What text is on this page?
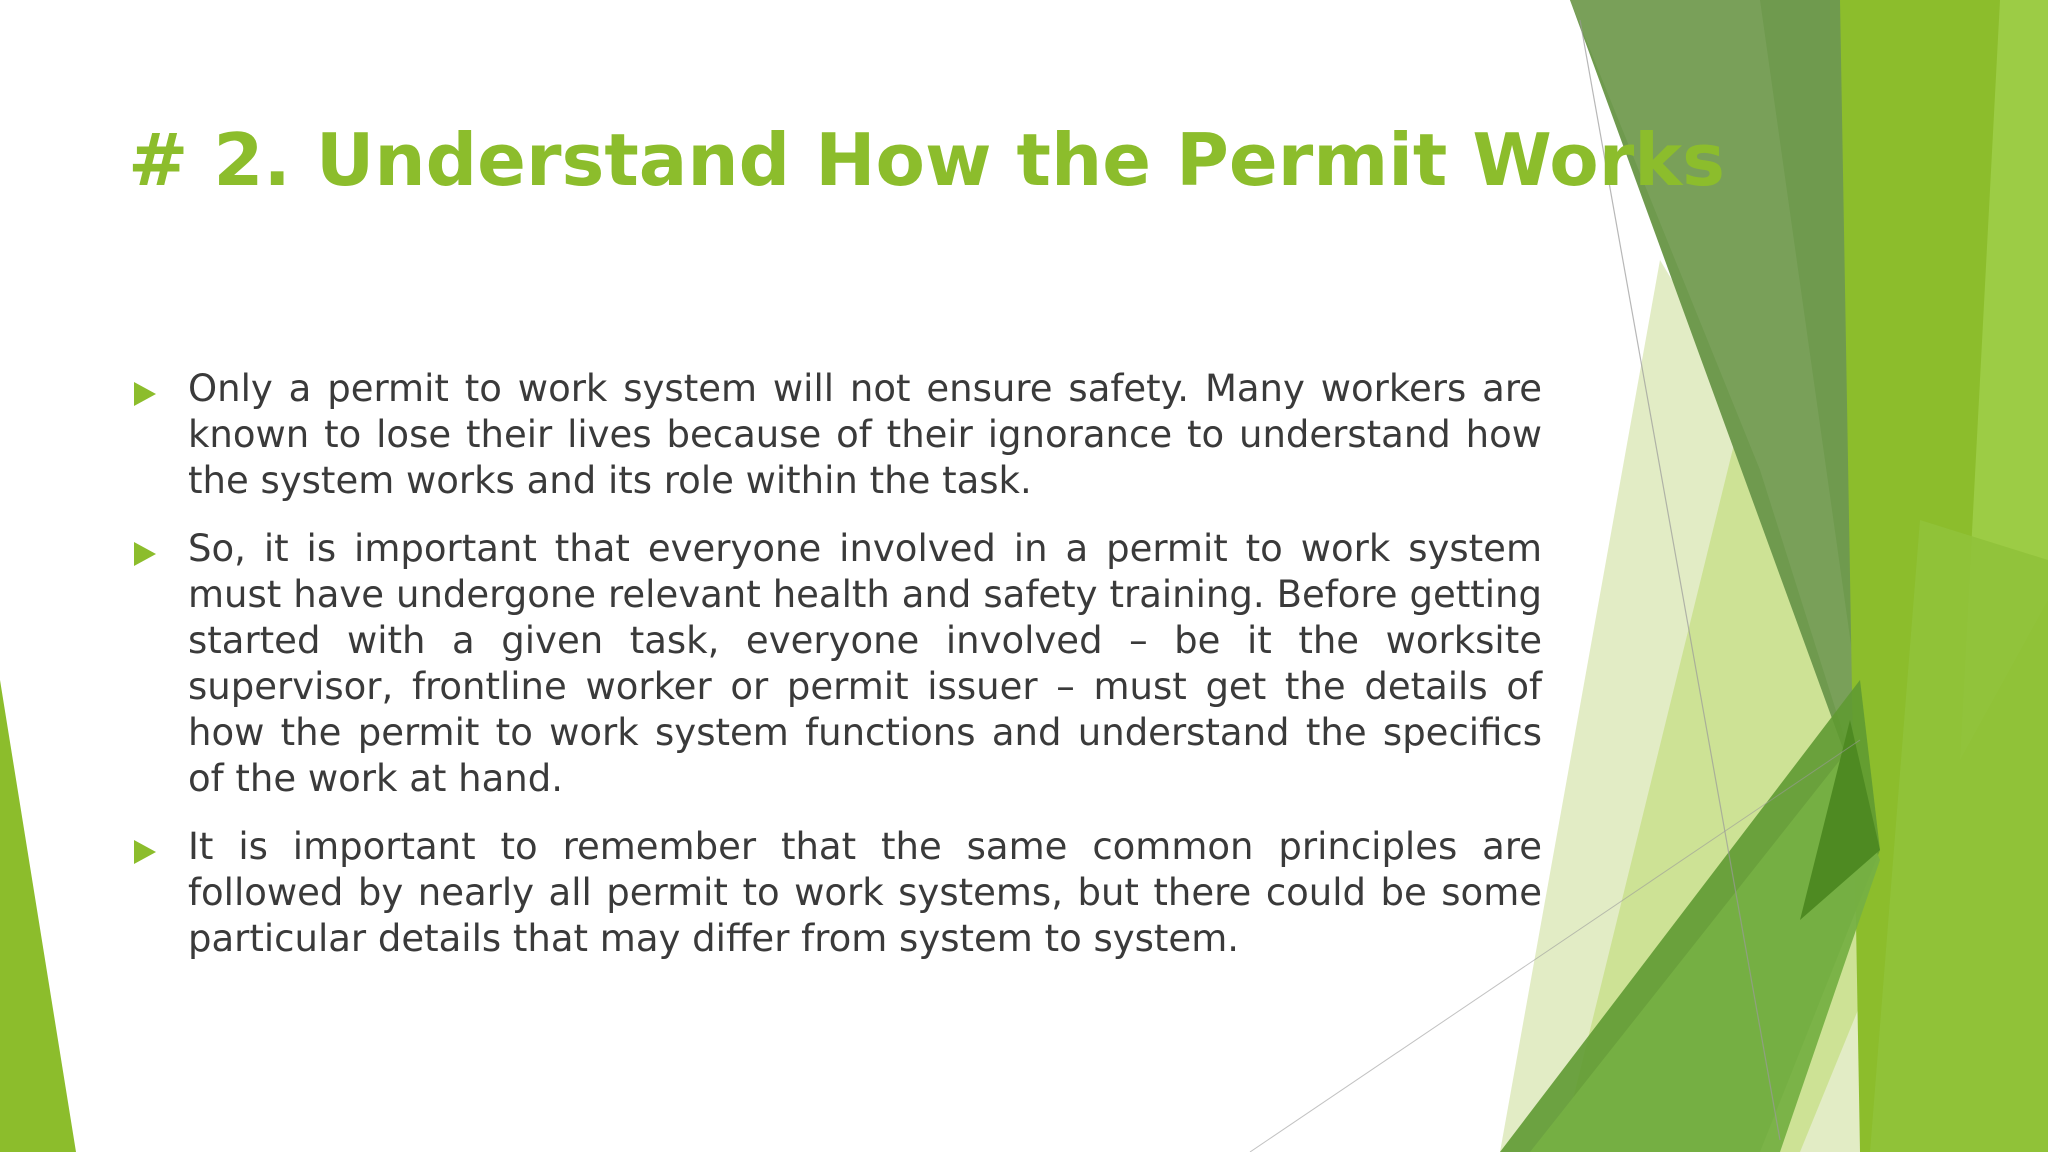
# 2. Understand How the Permit Works
Only a permit to work system will not ensure safety. Many workers are known to lose their lives because of their ignorance to understand how the system works and its role within the task.
So, it is important that everyone involved in a permit to work system must have undergone relevant health and safety training. Before getting started with a given task, everyone involved – be it the worksite supervisor, frontline worker or permit issuer – must get the details of how the permit to work system functions and understand the specifics of the work at hand.
It is important to remember that the same common principles are followed by nearly all permit to work systems, but there could be some particular details that may differ from system to system.
